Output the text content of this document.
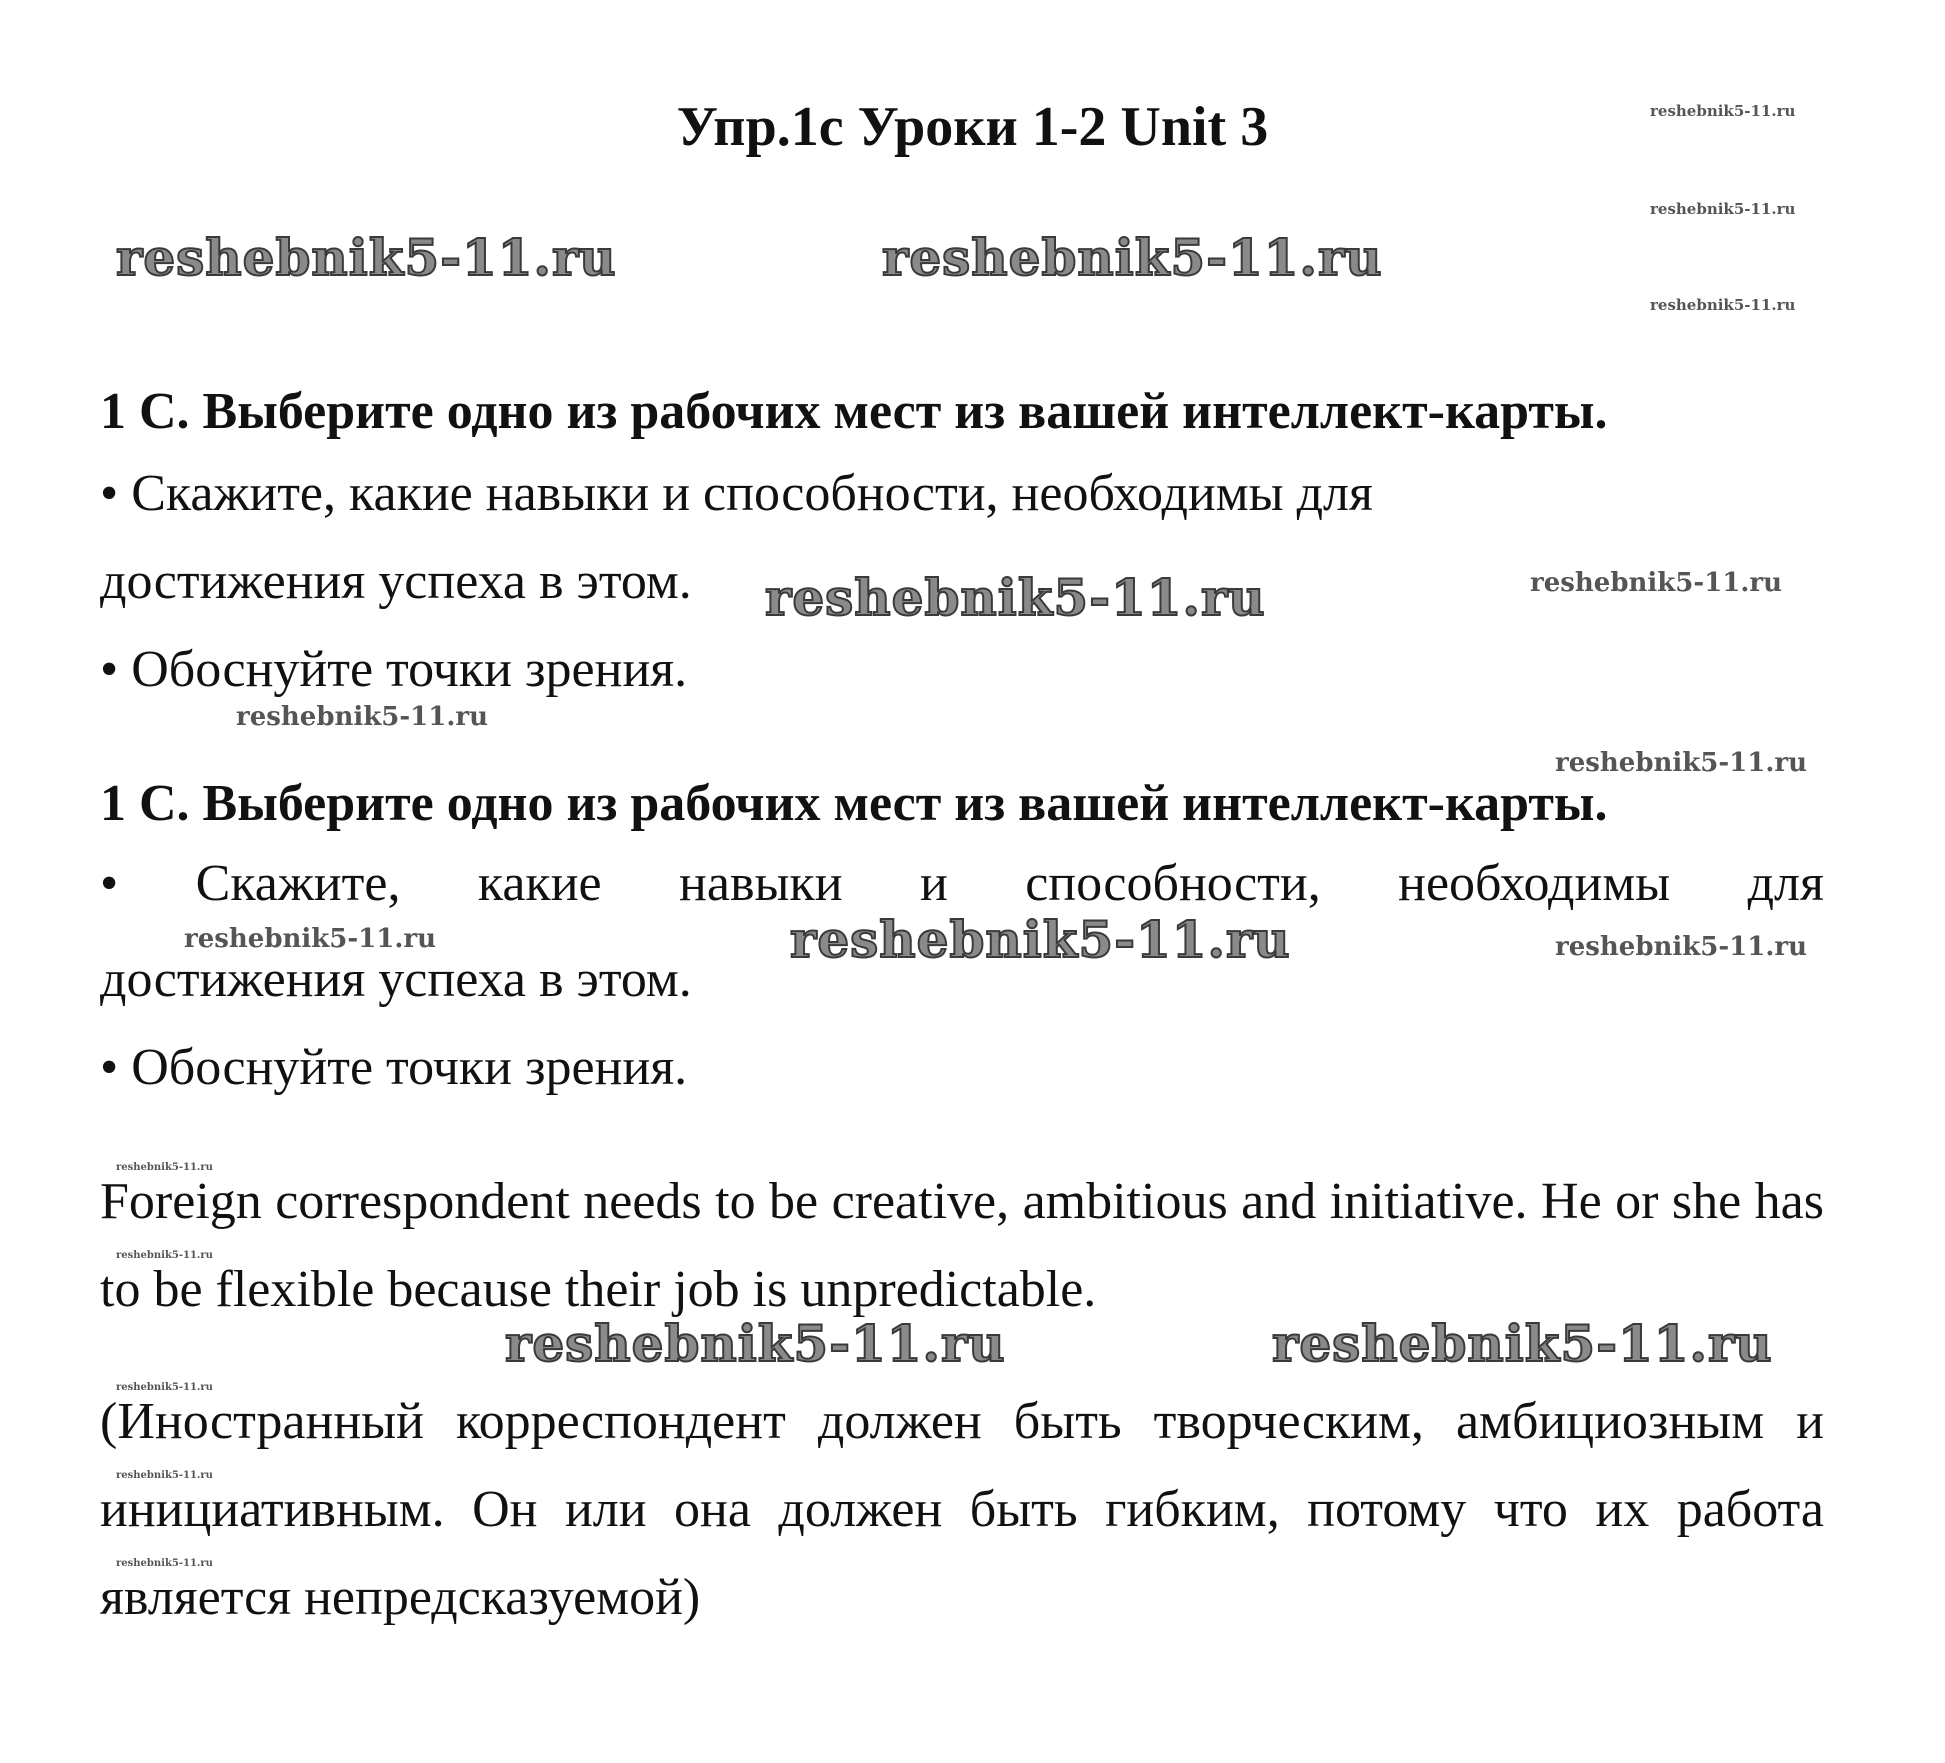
Упр.1с Уроки 1-2 Unit 3	reshebnik5-11.ru
reshebnik5-11.ru
reshebnik5-11.ru
reshebnik5-11.ru	reshebnik5-11.ru

1 С. Выберите одно из рабочих мест из вашей интеллект-карты.

• Скажите, какие навыки и способности, необходимы для

достижения успеха в этом.

• Обоснуйте точки зрения.

reshebnik5-11.ru	reshebnik5-11.ru
reshebnik5-11.ru
reshebnik5-11.ru

1 С. Выберите одно из рабочих мест из вашей интеллект-карты.

• Скажите, какие навыки и способности, необходимы для

достижения успеха в этом.

• Обоснуйте точки зрения.

reshebnik5-11.ru	reshebnik5-11.ru	reshebnik5-11.ru
reshebnik5-11.ru
reshebnik5-11.ru

Foreign correspondent needs to be creative, ambitious and initiative. He or she has to be flexible because their job is unpredictable.

reshebnik5-11.ru	reshebnik5-11.ru
reshebnik5-11.ru
reshebnik5-11.ru
reshebnik5-11.ru

(Иностранный корреспондент должен быть творческим, амбициозным и инициативным. Он или она должен быть гибким, потому что их работа является непредсказуемой)
